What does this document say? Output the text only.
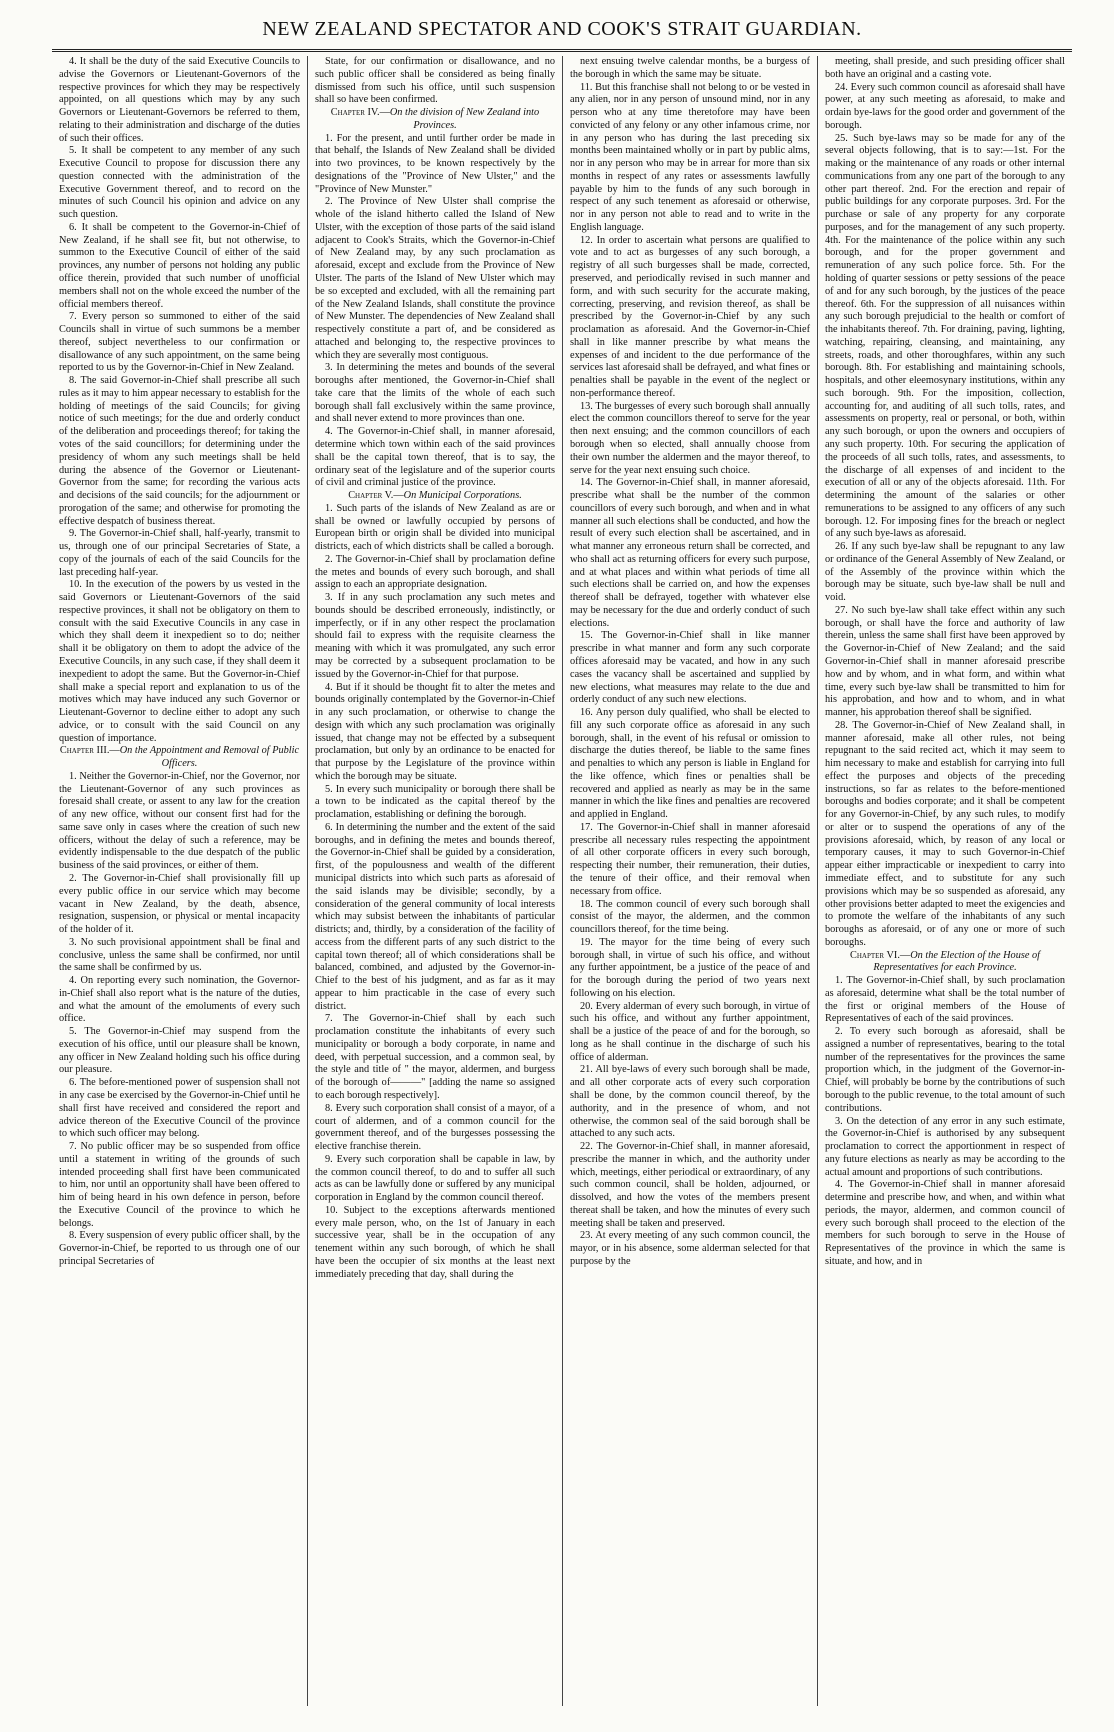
NEW ZEALAND SPECTATOR AND COOK'S STRAIT GUARDIAN.

4. It shall be the duty of the said Executive Councils to advise the Governors or Lieutenant-Governors of the respective provinces for which they may be respectively appointed, on all questions which may by any such Governors or Lieutenant-Governors be referred to them, relating to their administration and discharge of the duties of such their offices.

5. It shall be competent to any member of any such Executive Council to propose for discussion there any question connected with the administration of the Executive Government thereof, and to record on the minutes of such Council his opinion and advice on any such question.

6. It shall be competent to the Governor-in-Chief of New Zealand, if he shall see fit, but not otherwise, to summon to the Executive Council of either of the said provinces, any number of persons not holding any public office therein, provided that such number of unofficial members shall not on the whole exceed the number of the official members thereof.

7. Every person so summoned to either of the said Councils shall in virtue of such summons be a member thereof, subject nevertheless to our confirmation or disallowance of any such appointment, on the same being reported to us by the Governor-in-Chief in New Zealand.

8. The said Governor-in-Chief shall prescribe all such rules as it may to him appear necessary to establish for the holding of meetings of the said Councils; for giving notice of such meetings; for the due and orderly conduct of the deliberation and proceedings thereof; for taking the votes of the said councillors; for determining under the presidency of whom any such meetings shall be held during the absence of the Governor or Lieutenant-Governor from the same; for recording the various acts and decisions of the said councils; for the adjournment or prorogation of the same; and otherwise for promoting the effective despatch of business thereat.

9. The Governor-in-Chief shall, half-yearly, transmit to us, through one of our principal Secretaries of State, a copy of the journals of each of the said Councils for the last preceding half-year.

10. In the execution of the powers by us vested in the said Governors or Lieutenant-Governors of the said respective provinces, it shall not be obligatory on them to consult with the said Executive Councils in any case in which they shall deem it inexpedient so to do; neither shall it be obligatory on them to adopt the advice of the Executive Councils, in any such case, if they shall deem it inexpedient to adopt the same. But the Governor-in-Chief shall make a special report and explanation to us of the motives which may have induced any such Governor or Lieutenant-Governor to decline either to adopt any such advice, or to consult with the said Council on any question of importance.

Chapter III.—On the Appointment and Removal of Public Officers.

1. Neither the Governor-in-Chief, nor the Governor, nor the Lieutenant-Governor of any such provinces as foresaid shall create, or assent to any law for the creation of any new office, without our consent first had for the same save only in cases where the creation of such new officers, without the delay of such a reference, may be evidently indispensable to the due despatch of the public business of the said provinces, or either of them.

2. The Governor-in-Chief shall provisionally fill up every public office in our service which may become vacant in New Zealand, by the death, absence, resignation, suspension, or physical or mental incapacity of the holder of it.

3. No such provisional appointment shall be final and conclusive, unless the same shall be confirmed, nor until the same shall be confirmed by us.

4. On reporting every such nomination, the Governor-in-Chief shall also report what is the nature of the duties, and what the amount of the emoluments of every such office.

5. The Governor-in-Chief may suspend from the execution of his office, until our pleasure shall be known, any officer in New Zealand holding such his office during our pleasure.

6. The before-mentioned power of suspension shall not in any case be exercised by the Governor-in-Chief until he shall first have received and considered the report and advice thereon of the Executive Council of the province to which such officer may belong.

7. No public officer may be so suspended from office until a statement in writing of the grounds of such intended proceeding shall first have been communicated to him, nor until an opportunity shall have been offered to him of being heard in his own defence in person, before the Executive Council of the province to which he belongs.

8. Every suspension of every public officer shall, by the Governor-in-Chief, be reported to us through one of our principal Secretaries of

State, for our confirmation or disallowance, and no such public officer shall be considered as being finally dismissed from such his office, until such suspension shall so have been confirmed.

Chapter IV.—On the division of New Zealand into Provinces.

1. For the present, and until further order be made in that behalf, the Islands of New Zealand shall be divided into two provinces, to be known respectively by the designations of the "Province of New Ulster," and the "Province of New Munster."

2. The Province of New Ulster shall comprise the whole of the island hitherto called the Island of New Ulster, with the exception of those parts of the said island adjacent to Cook's Straits, which the Governor-in-Chief of New Zealand may, by any such proclamation as aforesaid, except and exclude from the Province of New Ulster. The parts of the Island of New Ulster which may be so excepted and excluded, with all the remaining part of the New Zealand Islands, shall constitute the province of New Munster. The dependencies of New Zealand shall respectively constitute a part of, and be considered as attached and belonging to, the respective provinces to which they are severally most contiguous.

3. In determining the metes and bounds of the several boroughs after mentioned, the Governor-in-Chief shall take care that the limits of the whole of each such borough shall fall exclusively within the same province, and shall never extend to more provinces than one.

4. The Governor-in-Chief shall, in manner aforesaid, determine which town within each of the said provinces shall be the capital town thereof, that is to say, the ordinary seat of the legislature and of the superior courts of civil and criminal justice of the province.

Chapter V.—On Municipal Corporations.

1. Such parts of the islands of New Zealand as are or shall be owned or lawfully occupied by persons of European birth or origin shall be divided into municipal districts, each of which districts shall be called a borough.

2. The Governor-in-Chief shall by proclamation define the metes and bounds of every such borough, and shall assign to each an appropriate designation.

3. If in any such proclamation any such metes and bounds should be described erroneously, indistinctly, or imperfectly, or if in any other respect the proclamation should fail to express with the requisite clearness the meaning with which it was promulgated, any such error may be corrected by a subsequent proclamation to be issued by the Governor-in-Chief for that purpose.

4. But if it should be thought fit to alter the metes and bounds originally contemplated by the Governor-in-Chief in any such proclamation, or otherwise to change the design with which any such proclamation was originally issued, that change may not be effected by a subsequent proclamation, but only by an ordinance to be enacted for that purpose by the Legislature of the province within which the borough may be situate.

5. In every such municipality or borough there shall be a town to be indicated as the capital thereof by the proclamation, establishing or defining the borough.

6. In determining the number and the extent of the said boroughs, and in defining the metes and bounds thereof, the Governor-in-Chief shall be guided by a consideration, first, of the populousness and wealth of the different municipal districts into which such parts as aforesaid of the said islands may be divisible; secondly, by a consideration of the general community of local interests which may subsist between the inhabitants of particular districts; and, thirdly, by a consideration of the facility of access from the different parts of any such district to the capital town thereof; all of which considerations shall be balanced, combined, and adjusted by the Governor-in-Chief to the best of his judgment, and as far as it may appear to him practicable in the case of every such district.

7. The Governor-in-Chief shall by each such proclamation constitute the inhabitants of every such municipality or borough a body corporate, in name and deed, with perpetual succession, and a common seal, by the style and title of " the mayor, aldermen, and burgess of the borough of———" [adding the name so assigned to each borough respectively].

8. Every such corporation shall consist of a mayor, of a court of aldermen, and of a common council for the government thereof, and of the burgesses possessing the elective franchise therein.

9. Every such corporation shall be capable in law, by the common council thereof, to do and to suffer all such acts as can be lawfully done or suffered by any municipal corporation in England by the common council thereof.

10. Subject to the exceptions afterwards mentioned every male person, who, on the 1st of January in each successive year, shall be in the occupation of any tenement within any such borough, of which he shall have been the occupier of six months at the least next immediately preceding that day, shall during the

next ensuing twelve calendar months, be a burgess of the borough in which the same may be situate.

11. But this franchise shall not belong to or be vested in any alien, nor in any person of unsound mind, nor in any person who at any time theretofore may have been convicted of any felony or any other infamous crime, nor in any person who has during the last preceding six months been maintained wholly or in part by public alms, nor in any person who may be in arrear for more than six months in respect of any rates or assessments lawfully payable by him to the funds of any such borough in respect of any such tenement as aforesaid or otherwise, nor in any person not able to read and to write in the English language.

12. In order to ascertain what persons are qualified to vote and to act as burgesses of any such borough, a registry of all such burgesses shall be made, corrected, preserved, and periodically revised in such manner and form, and with such security for the accurate making, correcting, preserving, and revision thereof, as shall be prescribed by the Governor-in-Chief by any such proclamation as aforesaid. And the Governor-in-Chief shall in like manner prescribe by what means the expenses of and incident to the due performance of the services last aforesaid shall be defrayed, and what fines or penalties shall be payable in the event of the neglect or non-performance thereof.

13. The burgesses of every such borough shall annually elect the common councillors thereof to serve for the year then next ensuing; and the common councillors of each borough when so elected, shall annually choose from their own number the aldermen and the mayor thereof, to serve for the year next ensuing such choice.

14. The Governor-in-Chief shall, in manner aforesaid, prescribe what shall be the number of the common councillors of every such borough, and when and in what manner all such elections shall be conducted, and how the result of every such election shall be ascertained, and in what manner any erroneous return shall be corrected, and who shall act as returning officers for every such purpose, and at what places and within what periods of time all such elections shall be carried on, and how the expenses thereof shall be defrayed, together with whatever else may be necessary for the due and orderly conduct of such elections.

15. The Governor-in-Chief shall in like manner prescribe in what manner and form any such corporate offices aforesaid may be vacated, and how in any such cases the vacancy shall be ascertained and supplied by new elections, what measures may relate to the due and orderly conduct of any such new elections.

16. Any person duly qualified, who shall be elected to fill any such corporate office as aforesaid in any such borough, shall, in the event of his refusal or omission to discharge the duties thereof, be liable to the same fines and penalties to which any person is liable in England for the like offence, which fines or penalties shall be recovered and applied as nearly as may be in the same manner in which the like fines and penalties are recovered and applied in England.

17. The Governor-in-Chief shall in manner aforesaid prescribe all necessary rules respecting the appointment of all other corporate officers in every such borough, respecting their number, their remuneration, their duties, the tenure of their office, and their removal when necessary from office.

18. The common council of every such borough shall consist of the mayor, the aldermen, and the common councillors thereof, for the time being.

19. The mayor for the time being of every such borough shall, in virtue of such his office, and without any further appointment, be a justice of the peace of and for the borough during the period of two years next following on his election.

20. Every alderman of every such borough, in virtue of such his office, and without any further appointment, shall be a justice of the peace of and for the borough, so long as he shall continue in the discharge of such his office of alderman.

21. All bye-laws of every such borough shall be made, and all other corporate acts of every such corporation shall be done, by the common council thereof, by the authority, and in the presence of whom, and not otherwise, the common seal of the said borough shall be attached to any such acts.

22. The Governor-in-Chief shall, in manner aforesaid, prescribe the manner in which, and the authority under which, meetings, either periodical or extraordinary, of any such common council, shall be holden, adjourned, or dissolved, and how the votes of the members present thereat shall be taken, and how the minutes of every such meeting shall be taken and preserved.

23. At every meeting of any such common council, the mayor, or in his absence, some alderman selected for that purpose by the

meeting, shall preside, and such presiding officer shall both have an original and a casting vote.

24. Every such common council as aforesaid shall have power, at any such meeting as aforesaid, to make and ordain bye-laws for the good order and government of the borough.

25. Such bye-laws may so be made for any of the several objects following, that is to say:—1st. For the making or the maintenance of any roads or other internal communications from any one part of the borough to any other part thereof. 2nd. For the erection and repair of public buildings for any corporate purposes. 3rd. For the purchase or sale of any property for any corporate purposes, and for the management of any such property. 4th. For the maintenance of the police within any such borough, and for the proper government and remuneration of any such police force. 5th. For the holding of quarter sessions or petty sessions of the peace of and for any such borough, by the justices of the peace thereof. 6th. For the suppression of all nuisances within any such borough prejudicial to the health or comfort of the inhabitants thereof. 7th. For draining, paving, lighting, watching, repairing, cleansing, and maintaining, any streets, roads, and other thoroughfares, within any such borough. 8th. For establishing and maintaining schools, hospitals, and other eleemosynary institutions, within any such borough. 9th. For the imposition, collection, accounting for, and auditing of all such tolls, rates, and assessments on property, real or personal, or both, within any such borough, or upon the owners and occupiers of any such property. 10th. For securing the application of the proceeds of all such tolls, rates, and assessments, to the discharge of all expenses of and incident to the execution of all or any of the objects aforesaid. 11th. For determining the amount of the salaries or other remunerations to be assigned to any officers of any such borough. 12. For imposing fines for the breach or neglect of any such bye-laws as aforesaid.

26. If any such bye-law shall be repugnant to any law or ordinance of the General Assembly of New Zealand, or of the Assembly of the province within which the borough may be situate, such bye-law shall be null and void.

27. No such bye-law shall take effect within any such borough, or shall have the force and authority of law therein, unless the same shall first have been approved by the Governor-in-Chief of New Zealand; and the said Governor-in-Chief shall in manner aforesaid prescribe how and by whom, and in what form, and within what time, every such bye-law shall be transmitted to him for his approbation, and how and to whom, and in what manner, his approbation thereof shall be signified.

28. The Governor-in-Chief of New Zealand shall, in manner aforesaid, make all other rules, not being repugnant to the said recited act, which it may seem to him necessary to make and establish for carrying into full effect the purposes and objects of the preceding instructions, so far as relates to the before-mentioned boroughs and bodies corporate; and it shall be competent for any Governor-in-Chief, by any such rules, to modify or alter or to suspend the operations of any of the provisions aforesaid, which, by reason of any local or temporary causes, it may to such Governor-in-Chief appear either impracticable or inexpedient to carry into immediate effect, and to substitute for any such provisions which may be so suspended as aforesaid, any other provisions better adapted to meet the exigencies and to promote the welfare of the inhabitants of any such boroughs as aforesaid, or of any one or more of such boroughs.

Chapter VI.—On the Election of the House of Representatives for each Province.

1. The Governor-in-Chief shall, by such proclamation as aforesaid, determine what shall be the total number of the first or original members of the House of Representatives of each of the said provinces.

2. To every such borough as aforesaid, shall be assigned a number of representatives, bearing to the total number of the representatives for the provinces the same proportion which, in the judgment of the Governor-in-Chief, will probably be borne by the contributions of such borough to the public revenue, to the total amount of such contributions.

3. On the detection of any error in any such estimate, the Governor-in-Chief is authorised by any subsequent proclamation to correct the apportionment in respect of any future elections as nearly as may be according to the actual amount and proportions of such contributions.

4. The Governor-in-Chief shall in manner aforesaid determine and prescribe how, and when, and within what periods, the mayor, aldermen, and common council of every such borough shall proceed to the election of the members for such borough to serve in the House of Representatives of the province in which the same is situate, and how, and in
